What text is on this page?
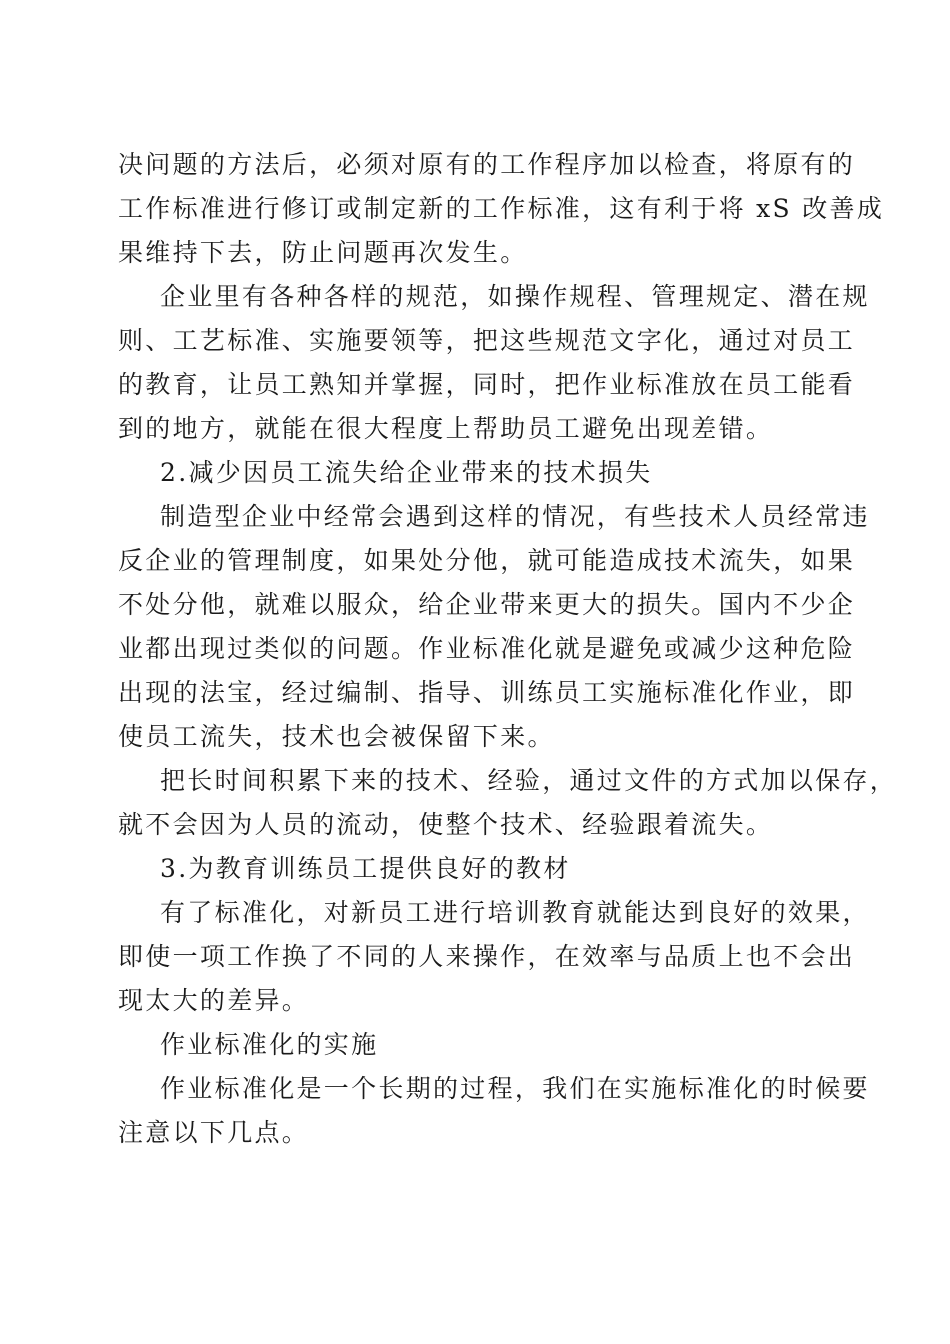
决问题的方法后，必须对原有的工作程序加以检查，将原有的
工作标准进行修订或制定新的工作标准，这有利于将 xS 改善成
果维持下去，防止问题再次发生。
企业里有各种各样的规范，如操作规程、管理规定、潜在规
则、工艺标准、实施要领等，把这些规范文字化，通过对员工
的教育，让员工熟知并掌握，同时，把作业标准放在员工能看
到的地方，就能在很大程度上帮助员工避免出现差错。
2.减少因员工流失给企业带来的技术损失
制造型企业中经常会遇到这样的情况，有些技术人员经常违
反企业的管理制度，如果处分他，就可能造成技术流失，如果
不处分他，就难以服众，给企业带来更大的损失。国内不少企
业都出现过类似的问题。作业标准化就是避免或减少这种危险
出现的法宝，经过编制、指导、训练员工实施标准化作业，即
使员工流失，技术也会被保留下来。
把长时间积累下来的技术、经验，通过文件的方式加以保存，
就不会因为人员的流动，使整个技术、经验跟着流失。
3.为教育训练员工提供良好的教材
有了标准化，对新员工进行培训教育就能达到良好的效果，
即使一项工作换了不同的人来操作，在效率与品质上也不会出
现太大的差异。
作业标准化的实施
作业标准化是一个长期的过程，我们在实施标准化的时候要
注意以下几点。
